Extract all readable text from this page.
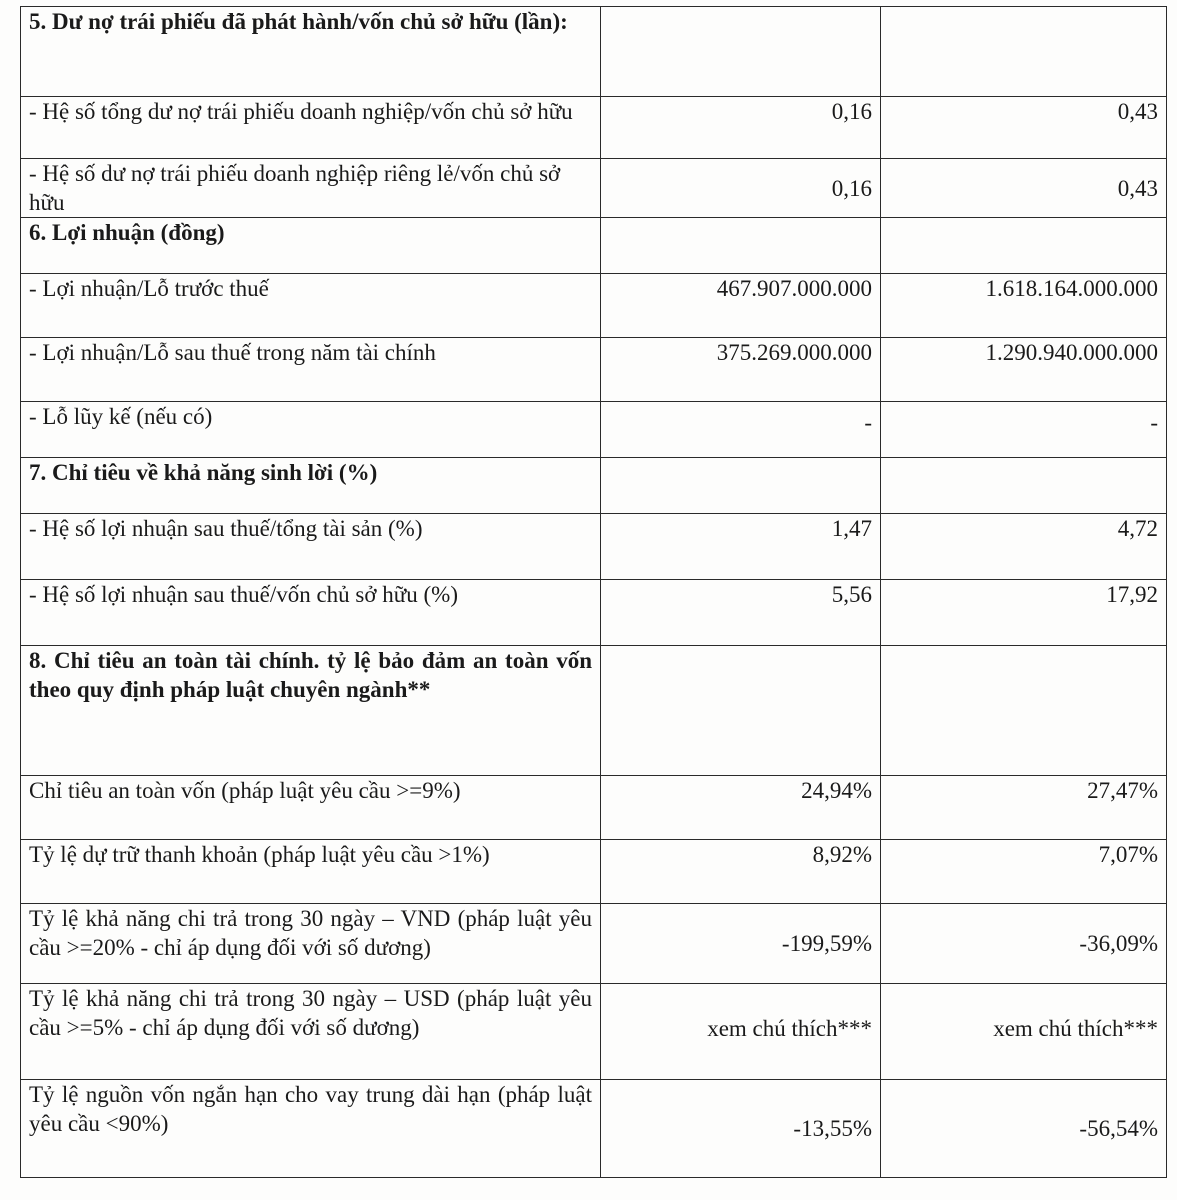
5. Dư nợ trái phiếu đã phát hành/vốn chủ sở hữu (lần):		
- Hệ số tổng dư nợ trái phiếu doanh nghiệp/vốn chủ sở hữu	0,16	0,43
- Hệ số dư nợ trái phiếu doanh nghiệp riêng lẻ/vốn chủ sở hữu	0,16	0,43
6. Lợi nhuận (đồng)		
- Lợi nhuận/Lỗ trước thuế	467.907.000.000	1.618.164.000.000
- Lợi nhuận/Lỗ sau thuế trong năm tài chính	375.269.000.000	1.290.940.000.000
- Lỗ lũy kế (nếu có)	-	-
7. Chỉ tiêu về khả năng sinh lời (%)		
- Hệ số lợi nhuận sau thuế/tổng tài sản (%)	1,47	4,72
- Hệ số lợi nhuận sau thuế/vốn chủ sở hữu (%)	5,56	17,92
8. Chỉ tiêu an toàn tài chính. tỷ lệ bảo đảm an toàn vốn theo quy định pháp luật chuyên ngành**		
Chỉ tiêu an toàn vốn (pháp luật yêu cầu >=9%)	24,94%	27,47%
Tỷ lệ dự trữ thanh khoản (pháp luật yêu cầu >1%)	8,92%	7,07%
Tỷ lệ khả năng chi trả trong 30 ngày – VND (pháp luật yêu cầu >=20% - chỉ áp dụng đối với số dương)	-199,59%	-36,09%
Tỷ lệ khả năng chi trả trong 30 ngày – USD (pháp luật yêu cầu >=5% - chỉ áp dụng đối với số dương)	xem chú thích***	xem chú thích***
Tỷ lệ nguồn vốn ngắn hạn cho vay trung dài hạn (pháp luật yêu cầu <90%)	-13,55%	-56,54%
